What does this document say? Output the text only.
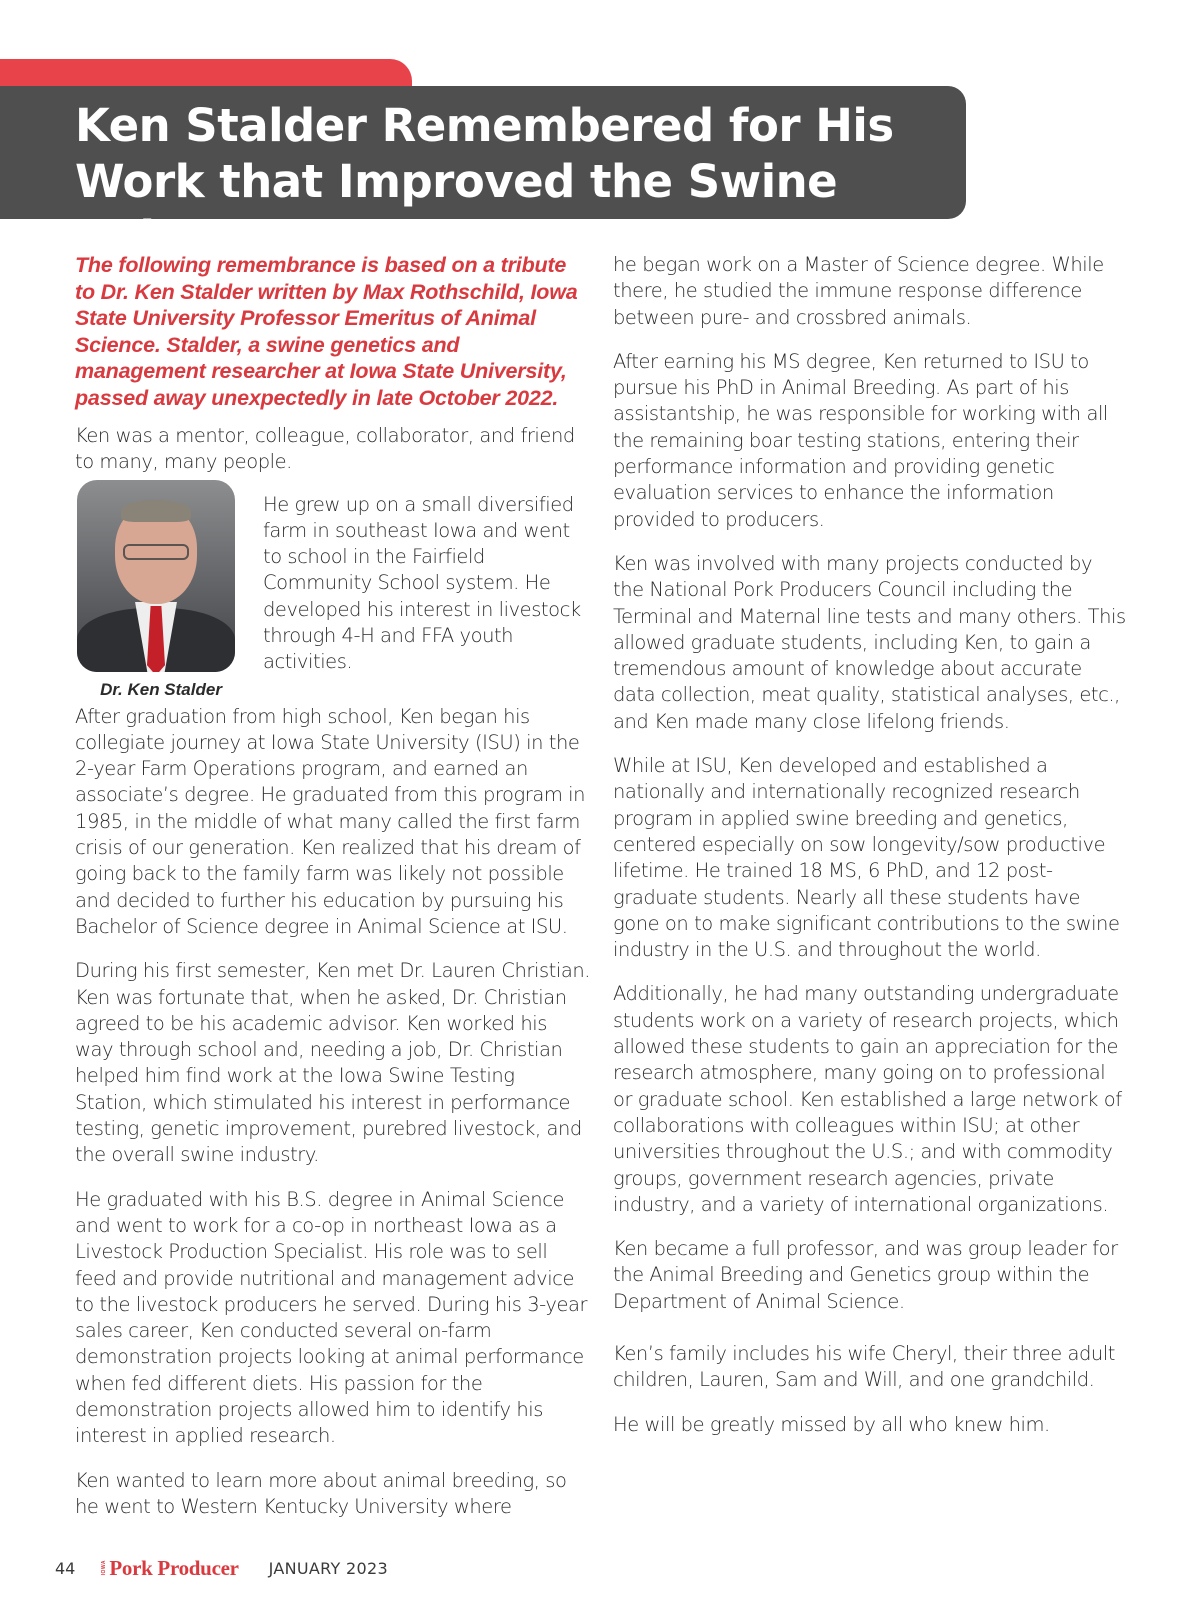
Ken Stalder Remembered for His Work that Improved the Swine Industry

The following remembrance is based on a tribute to Dr. Ken Stalder written by Max Rothschild, Iowa State University Professor Emeritus of Animal Science. Stalder, a swine genetics and management researcher at Iowa State University, passed away unexpectedly in late October 2022.

Ken was a mentor, colleague, collaborator, and friend to many, many people.

Dr. Ken Stalder

He grew up on a small diversified farm in southeast Iowa and went to school in the Fairfield Community School system. He developed his interest in livestock through 4-H and FFA youth activities.

After graduation from high school, Ken began his collegiate journey at Iowa State University (ISU) in the 2-year Farm Operations program, and earned an associate’s degree. He graduated from this program in 1985, in the middle of what many called the first farm crisis of our generation. Ken realized that his dream of going back to the family farm was likely not possible and decided to further his education by pursuing his Bachelor of Science degree in Animal Science at ISU.

During his first semester, Ken met Dr. Lauren Christian. Ken was fortunate that, when he asked, Dr. Christian agreed to be his academic advisor. Ken worked his way through school and, needing a job, Dr. Christian helped him find work at the Iowa Swine Testing Station, which stimulated his interest in performance testing, genetic improvement, purebred livestock, and the overall swine industry.

He graduated with his B.S. degree in Animal Science and went to work for a co-op in northeast Iowa as a Livestock Production Specialist. His role was to sell feed and provide nutritional and management advice to the livestock producers he served. During his 3-year sales career, Ken conducted several on-farm demonstration projects looking at animal performance when fed different diets. His passion for the demonstration projects allowed him to identify his interest in applied research.

Ken wanted to learn more about animal breeding, so he went to Western Kentucky University where

he began work on a Master of Science degree. While there, he studied the immune response difference between pure- and crossbred animals.

After earning his MS degree, Ken returned to ISU to pursue his PhD in Animal Breeding. As part of his assistantship, he was responsible for working with all the remaining boar testing stations, entering their performance information and providing genetic evaluation services to enhance the information provided to producers.

Ken was involved with many projects conducted by the National Pork Producers Council including the Terminal and Maternal line tests and many others. This allowed graduate students, including Ken, to gain a tremendous amount of knowledge about accurate data collection, meat quality, statistical analyses, etc., and Ken made many close lifelong friends.

While at ISU, Ken developed and established a nationally and internationally recognized research program in applied swine breeding and genetics, centered especially on sow longevity/sow productive lifetime. He trained 18 MS, 6 PhD, and 12 post-graduate students. Nearly all these students have gone on to make significant contributions to the swine industry in the U.S. and throughout the world.

Additionally, he had many outstanding undergraduate students work on a variety of research projects, which allowed these students to gain an appreciation for the research atmosphere, many going on to professional or graduate school. Ken established a large network of collaborations with colleagues within ISU; at other universities throughout the U.S.; and with commodity groups, government research agencies, private industry, and a variety of international organizations.

Ken became a full professor, and was group leader for the Animal Breeding and Genetics group within the Department of Animal Science.

Ken’s family includes his wife Cheryl, their three adult children, Lauren, Sam and Will, and one grandchild.

He will be greatly missed by all who knew him.

44	IOWA Pork Producer JANUARY 2023
